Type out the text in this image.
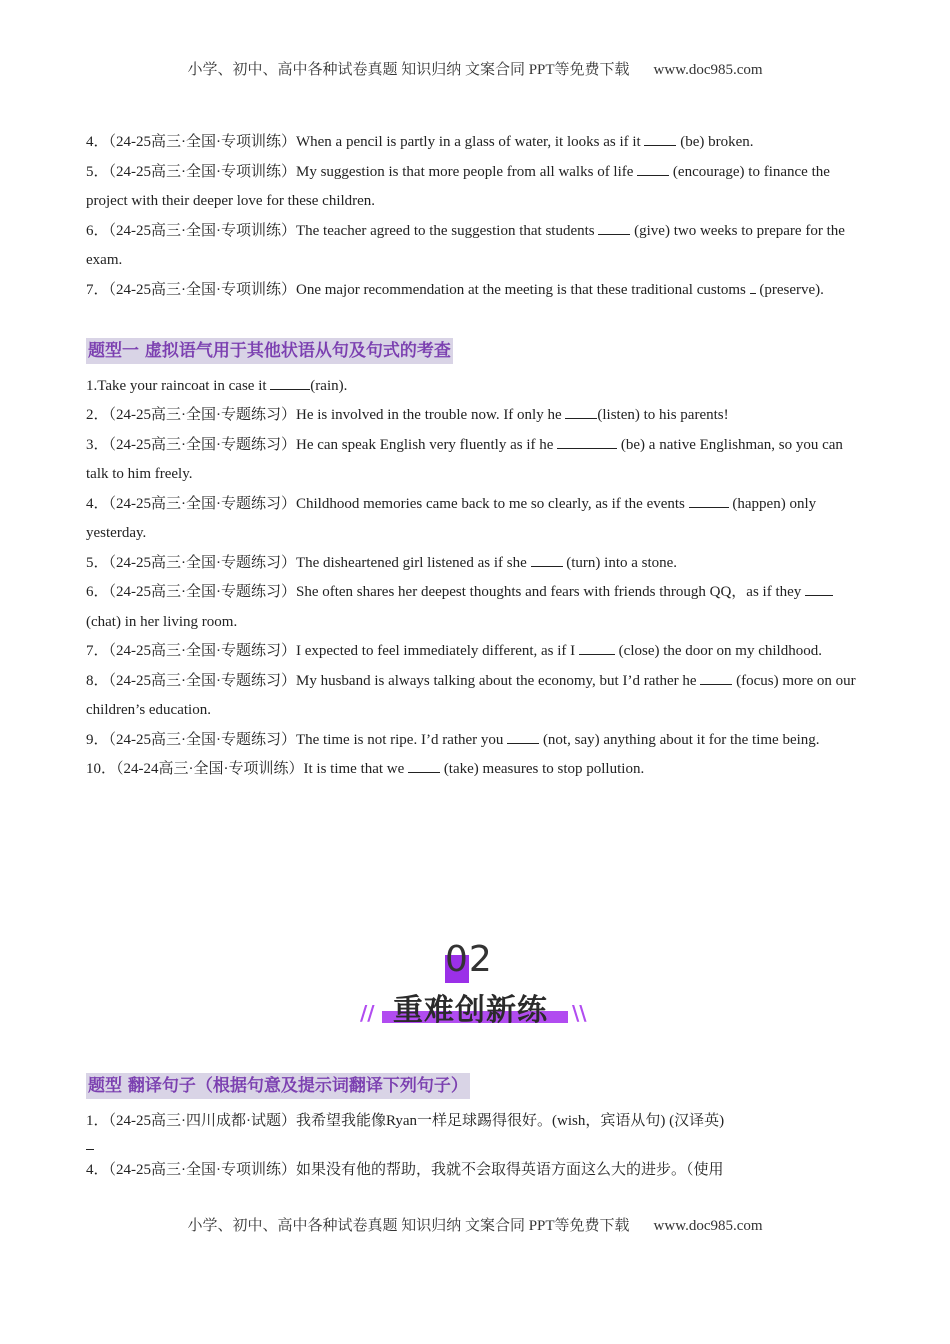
小学、初中、高中各种试卷真题 知识归纳 文案合同 PPT等免费下载 www.doc985.com

4．（24-25高三·全国·专项训练）When a pencil is partly in a glass of water, it looks as if it  (be) broken.

5．（24-25高三·全国·专项训练）My suggestion is that more people from all walks of life  (encourage) to finance the project with their deeper love for these children.

6．（24-25高三·全国·专项训练）The teacher agreed to the suggestion that students  (give) two weeks to prepare for the exam.

7．（24-25高三·全国·专项训练）One major recommendation at the meeting is that these traditional customs  (preserve).

题型一 虚拟语气用于其他状语从句及句式的考查

1.Take your raincoat in case it	(rain).

2．（24-25高三·全国·专题练习）He is involved in the trouble now. If only he (listen) to his parents!

3．（24-25高三·全国·专题练习）He can speak English very fluently as if he	(be) a native Englishman, so you can talk to him freely.

4．（24-25高三·全国·专题练习）Childhood memories came back to me so clearly, as if the events	(happen) only yesterday.

5．（24-25高三·全国·专题练习）The disheartened girl listened as if she  (turn) into a stone.

6．（24-25高三·全国·专题练习）She often shares her deepest thoughts and fears with friends through QQ，as if they  (chat) in her living room.

7．（24-25高三·全国·专题练习）I expected to feel immediately different, as if I  (close) the door on my childhood.

8．（24-25高三·全国·专题练习）My husband is always talking about the economy, but I’d rather he  (focus) more on our children’s education.

9．（24-25高三·全国·专题练习）The time is not ripe. I’d rather you  (not, say) anything about it for the time being.

10．（24-24高三·全国·专项训练）It is time that we  (take) measures to stop pollution.

02
// 重难创新练 \\
题型 翻译句子（根据句意及提示词翻译下列句子）

1．（24-25高三·四川成都·试题）我希望我能像Ryan一样足球踢得很好。(wish，宾语从句) (汉译英)

4．（24-25高三·全国·专项训练）如果没有他的帮助，我就不会取得英语方面这么大的进步。（使用

小学、初中、高中各种试卷真题 知识归纳 文案合同 PPT等免费下载 www.doc985.com
